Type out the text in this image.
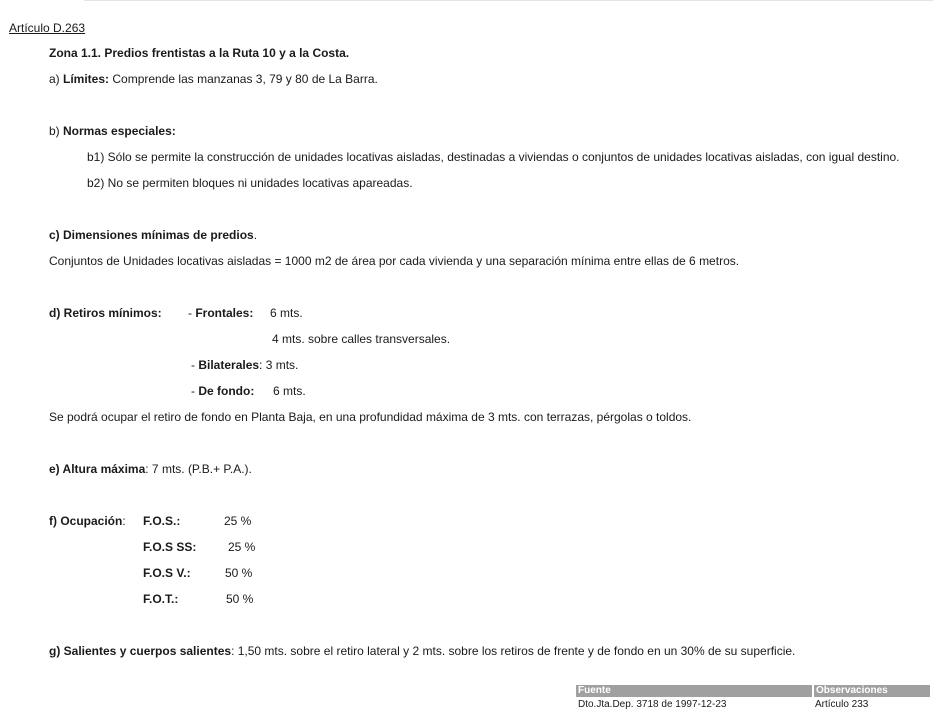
Artículo D.263
Zona 1.1. Predios frentistas a la Ruta 10 y a la Costa.
a) Límites: Comprende las manzanas 3, 79 y 80 de La Barra.
b) Normas especiales:
b1) Sólo se permite la construcción de unidades locativas aisladas, destinadas a viviendas o conjuntos de unidades locativas aisladas, con igual destino.
b2) No se permiten bloques ni unidades locativas apareadas.
c) Dimensiones mínimas de predios.
Conjuntos de Unidades locativas aisladas = 1000 m2 de área por cada vivienda y una separación mínima entre ellas de 6 metros.
d) Retiros mínimos: - Frontales: 6 mts.
4 mts. sobre calles transversales.
- Bilaterales: 3 mts.
- De fondo: 6 mts.
Se podrá ocupar el retiro de fondo en Planta Baja, en una profundidad máxima de 3 mts. con terrazas, pérgolas o toldos.
e) Altura máxima: 7 mts. (P.B.+ P.A.).
f) Ocupación: F.O.S.:	25 %
F.O.S SS:	25 %
F.O.S V.:	50 %
F.O.T.:	50 %
g) Salientes y cuerpos salientes: 1,50 mts. sobre el retiro lateral y 2 mts. sobre los retiros de frente y de fondo en un 30% de su superficie.
Fuente	Observaciones
Dto.Jta.Dep. 3718 de 1997-12-23	Artículo 233
